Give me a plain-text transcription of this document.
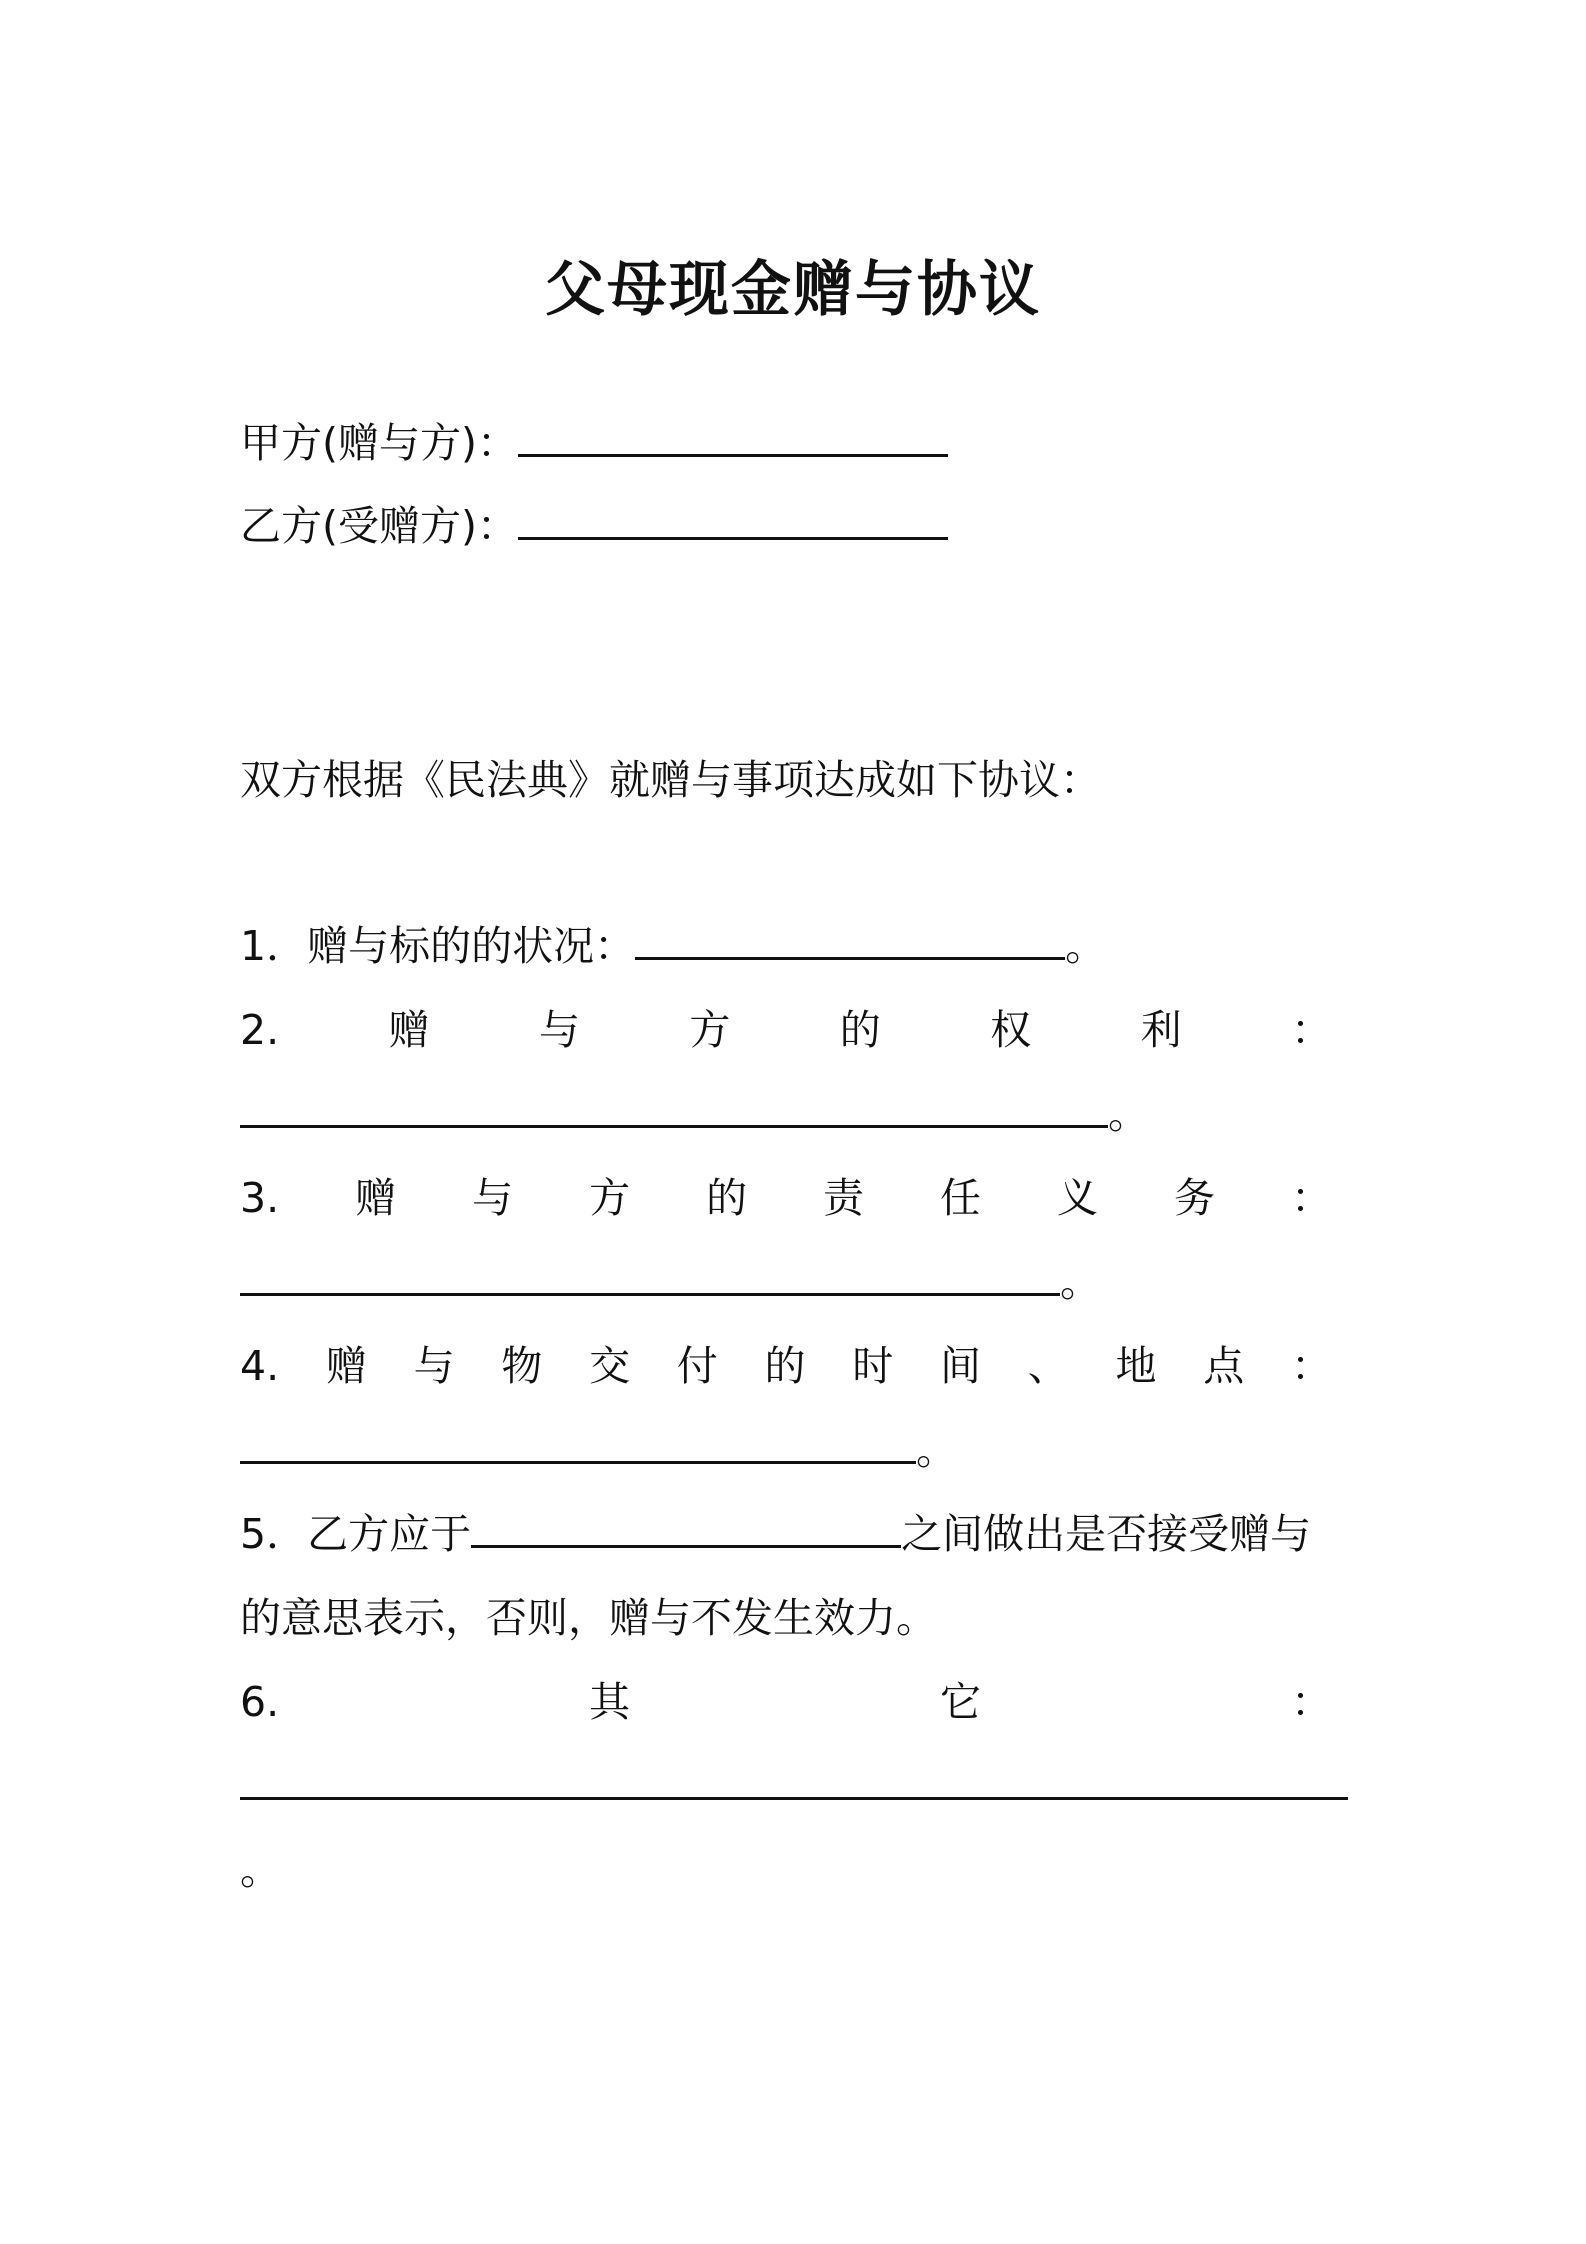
父母现金赠与协议
甲方(赠与方)：
乙方(受赠方)：
双方根据《民法典》就赠与事项达成如下协议：
1．赠与标的的状况：	。
2.	赠	与	方	的	权	利	：
。
3. 赠 与 方 的 责 任 义 务 ：
。
4. 赠 与 物 交 付 的 时 间 、 地 点 ：
。
5．乙方应于	之间做出是否接受赠与
的意思表示，否则，赠与不发生效力。
6.	其	它	：
。
